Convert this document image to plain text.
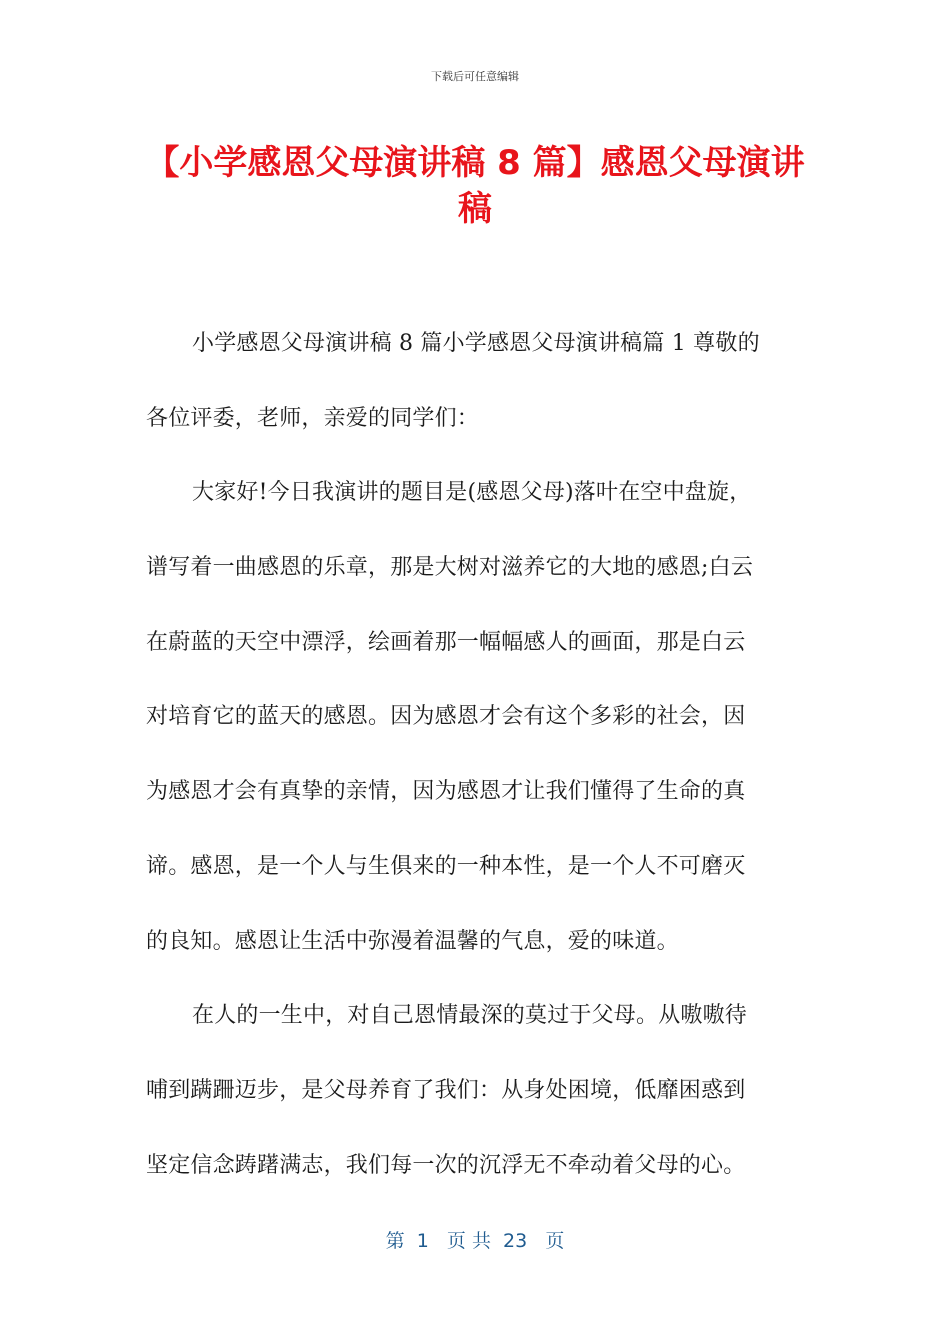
下载后可任意编辑
【小学感恩父母演讲稿 8 篇】感恩父母演讲稿
小学感恩父母演讲稿 8 篇小学感恩父母演讲稿篇 1 尊敬的
各位评委，老师，亲爱的同学们：
大家好!今日我演讲的题目是(感恩父母)落叶在空中盘旋，
谱写着一曲感恩的乐章，那是大树对滋养它的大地的感恩;白云
在蔚蓝的天空中漂浮，绘画着那一幅幅感人的画面，那是白云
对培育它的蓝天的感恩。因为感恩才会有这个多彩的社会，因
为感恩才会有真挚的亲情，因为感恩才让我们懂得了生命的真
谛。感恩，是一个人与生俱来的一种本性，是一个人不可磨灭
的良知。感恩让生活中弥漫着温馨的气息，爱的味道。
在人的一生中，对自己恩情最深的莫过于父母。从嗷嗷待
哺到蹒跚迈步，是父母养育了我们：从身处困境，低靡困惑到
坚定信念踌躇满志，我们每一次的沉浮无不牵动着父母的心。
第  1   页 共  23   页
